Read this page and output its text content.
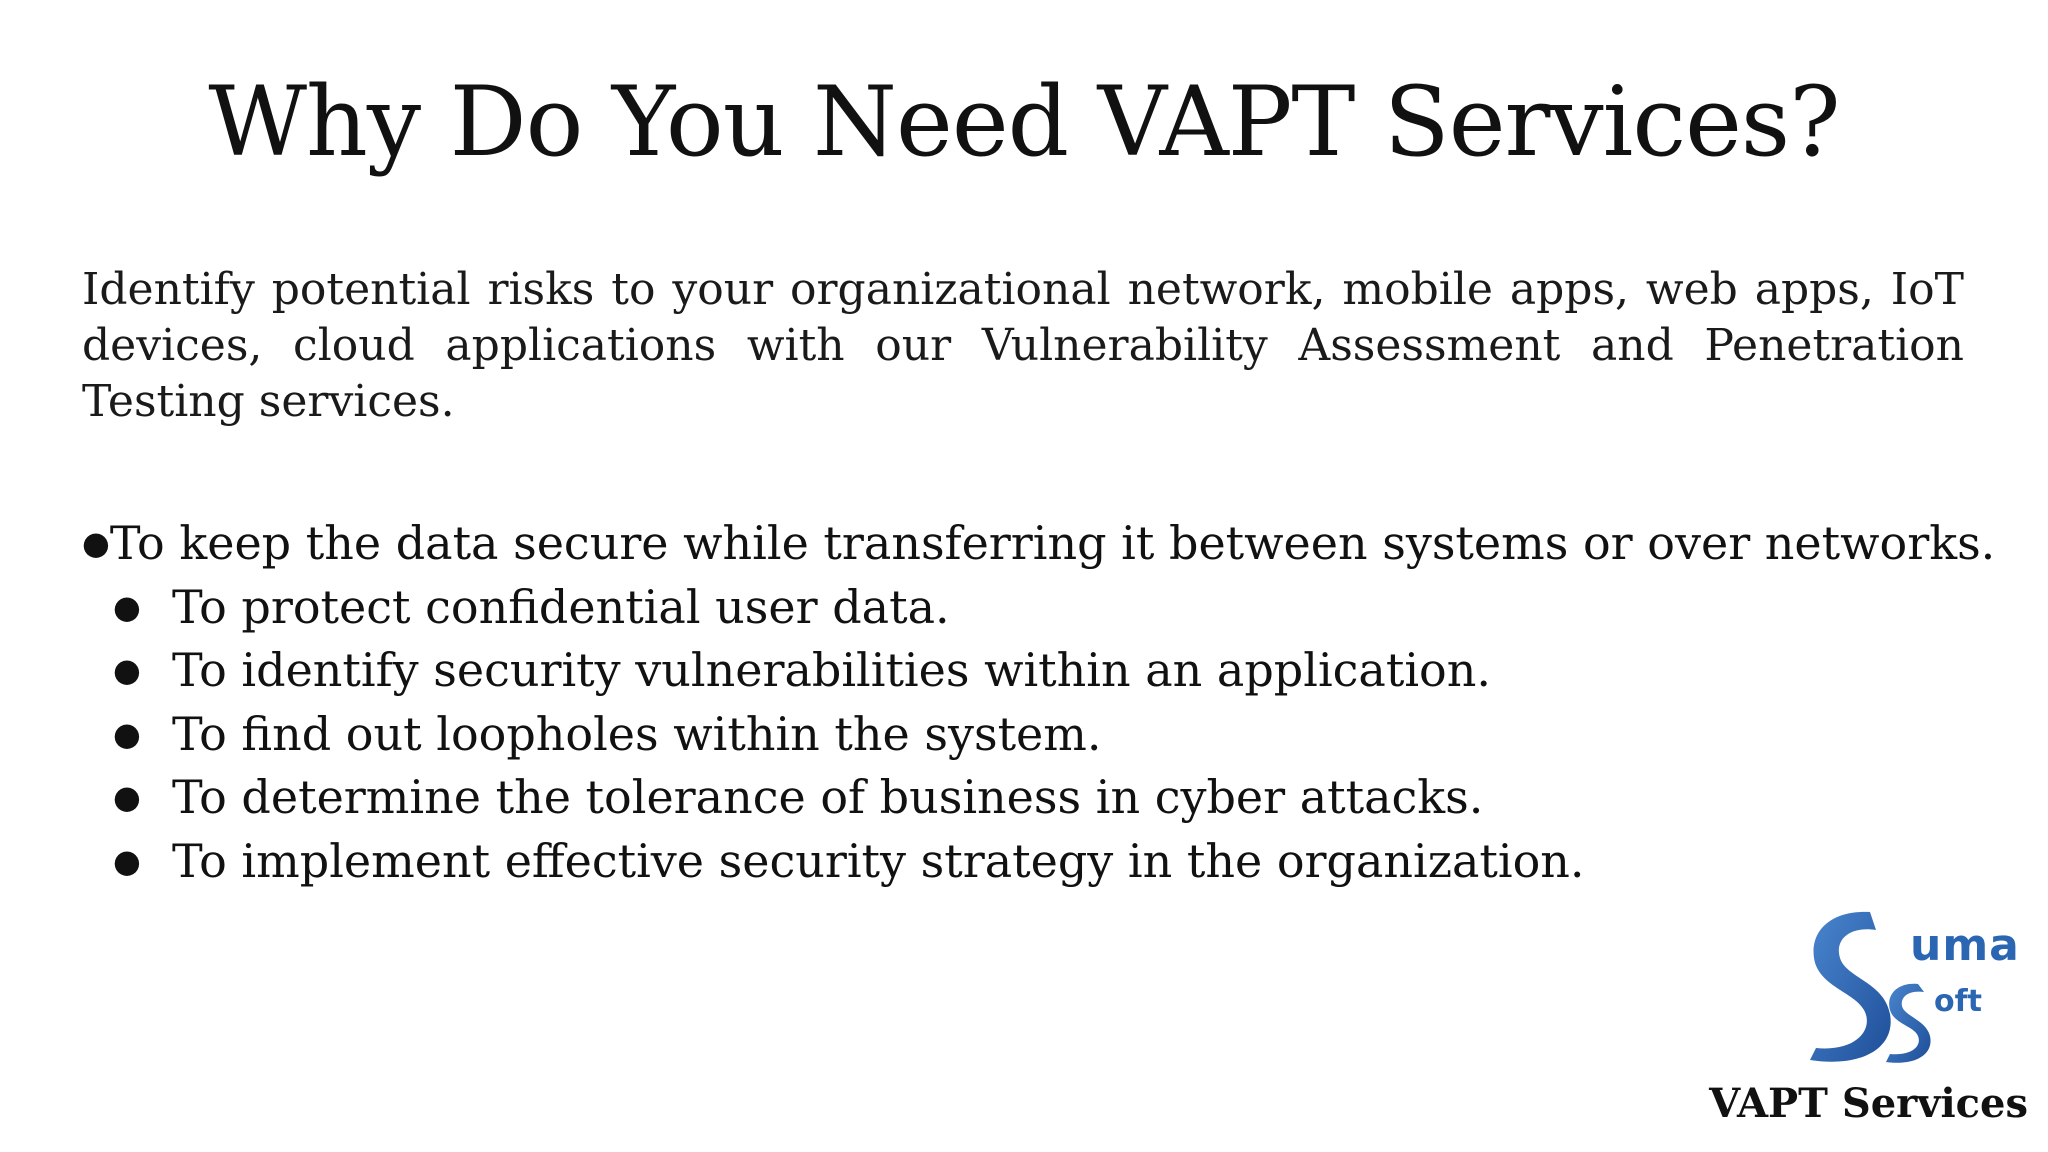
Why Do You Need VAPT Services?

Identify potential risks to your organizational network, mobile apps, web apps, IoT devices, cloud applications with our Vulnerability Assessment and Penetration Testing services.

● To keep the data secure while transferring it between systems or over networks.
● To protect confidential user data.
● To identify security vulnerabilities within an application.
● To find out loopholes within the system.
● To determine the tolerance of business in cyber attacks.
● To implement effective security strategy in the organization.
uma
oft
VAPT Services
